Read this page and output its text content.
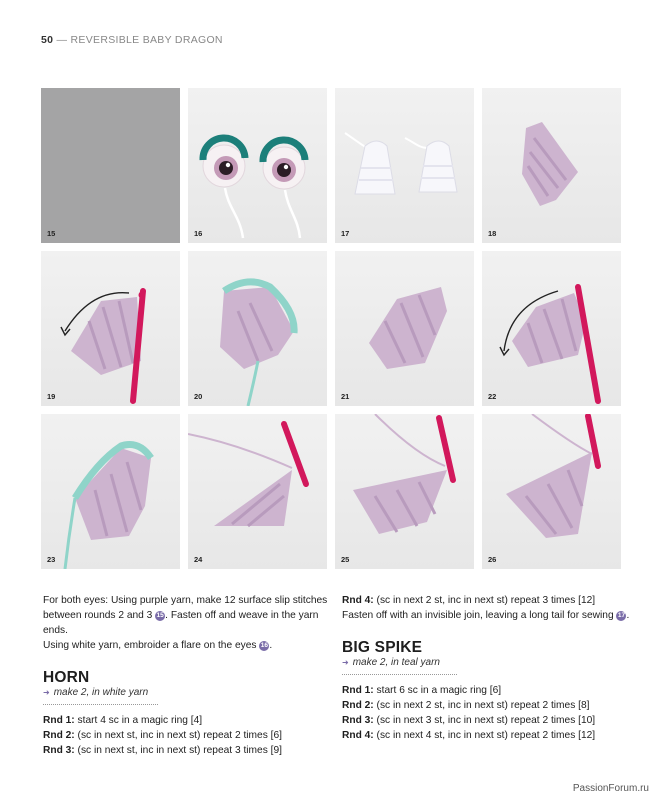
50 — REVERSIBLE BABY DRAGON
15	16	17	18
19	20	21	22
23	24	25	26

For both eyes: Using purple yarn, make 12 surface slip stitches between rounds 2 and 3 15. Fasten off and weave in the yarn ends.

Using white yarn, embroider a flare on the eyes 16.

HORN

➜ make 2, in white yarn

Rnd 1: start 4 sc in a magic ring [4]

Rnd 2: (sc in next st, inc in next st) repeat 2 times [6]

Rnd 3: (sc in next st, inc in next st) repeat 3 times [9]

Rnd 4: (sc in next 2 st, inc in next st) repeat 3 times [12]

Fasten off with an invisible join, leaving a long tail for sewing 17.

BIG SPIKE

➜ make 2, in teal yarn

Rnd 1: start 6 sc in a magic ring [6]

Rnd 2: (sc in next 2 st, inc in next st) repeat 2 times [8]

Rnd 3: (sc in next 3 st, inc in next st) repeat 2 times [10]

Rnd 4: (sc in next 4 st, inc in next st) repeat 2 times [12]

PassionForum.ru
